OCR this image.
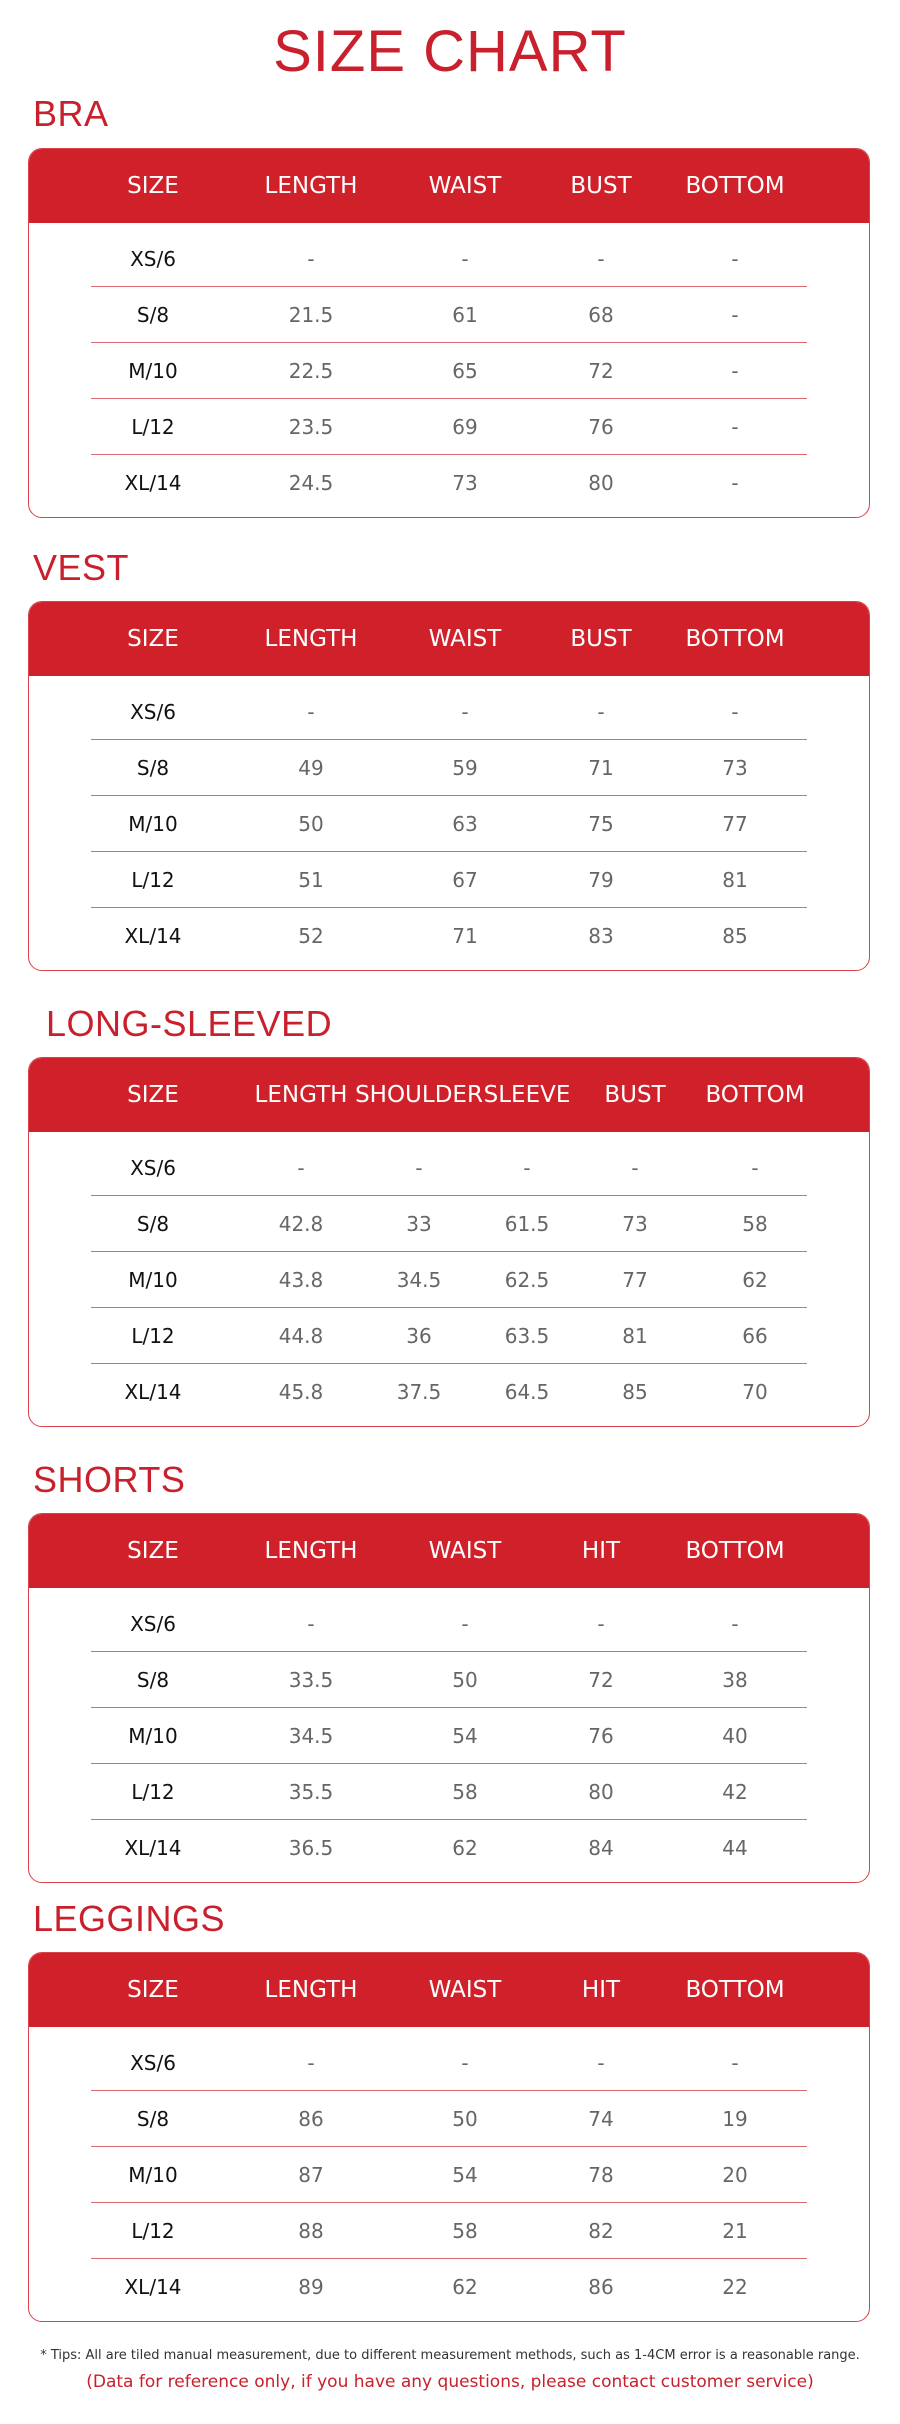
SIZE CHART
BRA
SIZE	LENGTH	WAIST	BUST BOTTOM
XS/6	-	-	-	-
S/8	21.5	61	68	-
M/10	22.5	65	72	-
L/12	23.5	69	76	-
XL/14	24.5	73	80	-
VEST
SIZE	LENGTH	WAIST	BUST BOTTOM
XS/6	-	-	-	-
S/8	49	59	71	73
M/10	50	63	75	77
L/12	51	67	79	81
XL/14	52	71	83	85
LONG-SLEEVED
SIZE	LENGTH SHOULDER SLEEVE BUST BOTTOM
XS/6	-	-	-	-	-
S/8	42.8	33	61.5	73	58
M/10	43.8	34.5	62.5	77	62
L/12	44.8	36	63.5	81	66
XL/14	45.8	37.5	64.5	85	70
SHORTS
SIZE	LENGTH	WAIST	HIT	BOTTOM
XS/6	-	-	-	-
S/8	33.5	50	72	38
M/10	34.5	54	76	40
L/12	35.5	58	80	42
XL/14	36.5	62	84	44
LEGGINGS
SIZE	LENGTH	WAIST	HIT	BOTTOM
XS/6	-	-	-	-
S/8	86	50	74	19
M/10	87	54	78	20
L/12	88	58	82	21
XL/14	89	62	86	22
* Tips: All are tiled manual measurement, due to different measurement methods, such as 1-4CM error is a reasonable range.
(Data for reference only, if you have any questions, please contact customer service)
